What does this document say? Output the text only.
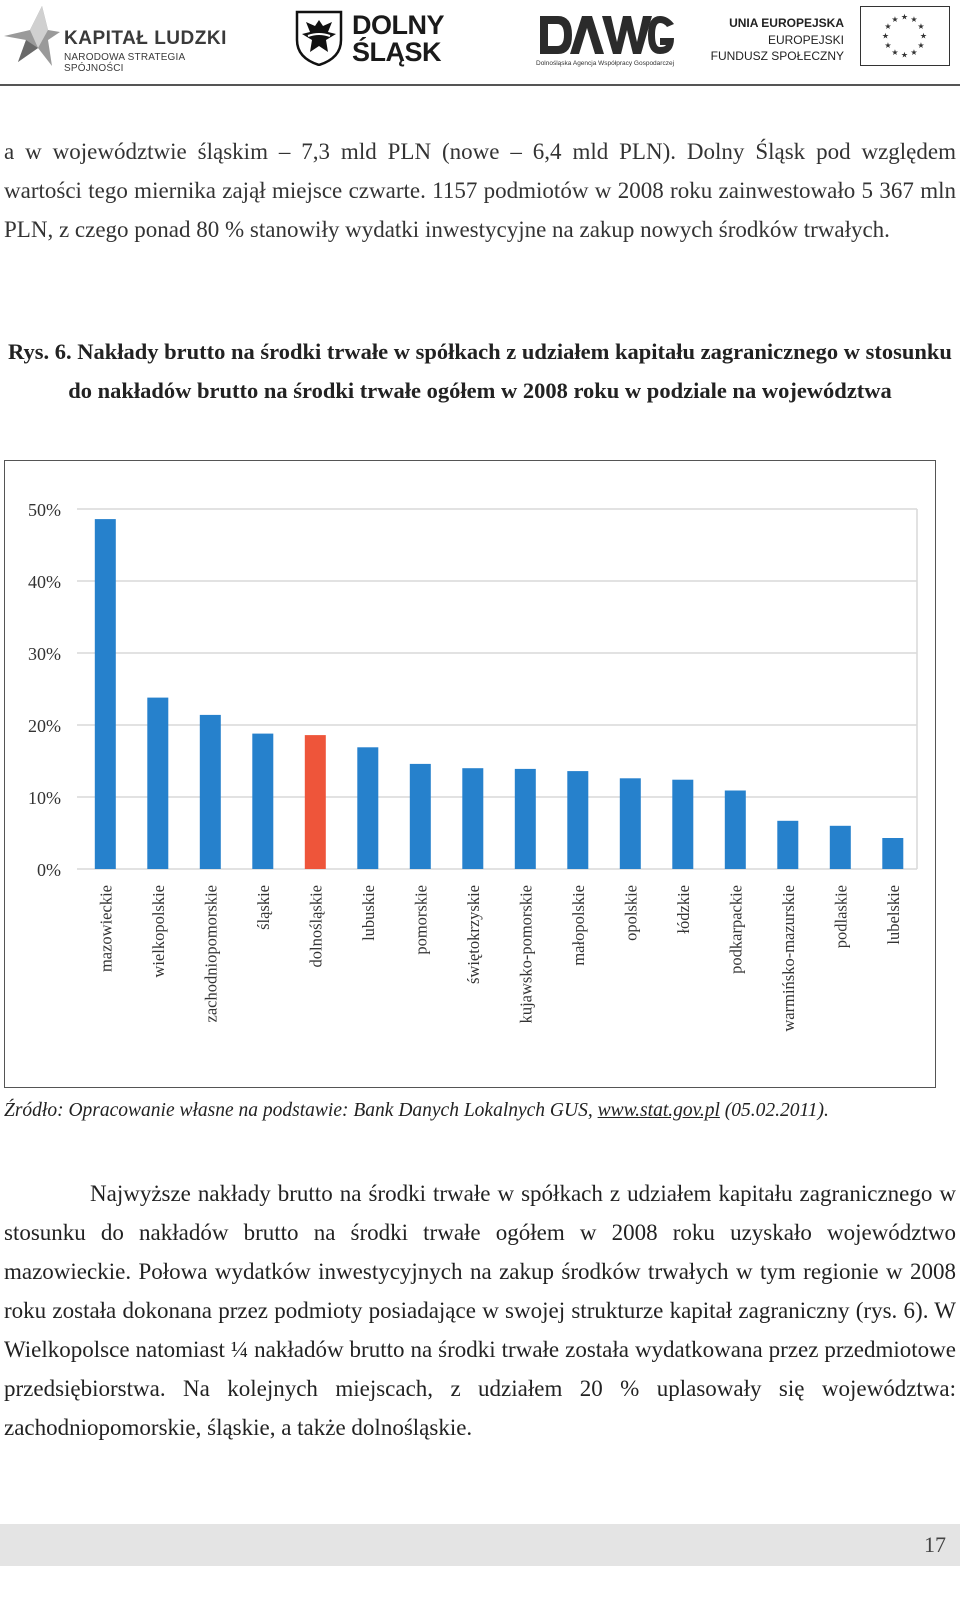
KAPITAŁ LUDZKI
NARODOWA STRATEGIA SPÓJNOŚCI
DOLNY
ŚLĄSK	Dolnośląska Agencja Współpracy Gospodarczej
UNIA EUROPEJSKA
EUROPEJSKI
FUNDUSZ SPOŁECZNY
★ ★
★
★
★
★
★
★
★
★
★
★

a w województwie śląskim – 7,3 mld PLN (nowe – 6,4 mld PLN). Dolny Śląsk pod względem wartości tego miernika zajął miejsce czwarte. 1157 podmiotów w 2008 roku zainwestowało 5 367 mln PLN, z czego ponad 80 % stanowiły wydatki inwestycyjne na zakup nowych środków trwałych.

Rys. 6. Nakłady brutto na środki trwałe w spółkach z udziałem kapitału zagranicznego w stosunku do nakładów brutto na środki trwałe ogółem w 2008 roku w podziale na województwa
50%
40%
30%
20%
10%
0%
mazowieckie wielkopolskie zachodniopomorskie śląskie dolnośląskie lubuskie pomorskie świętokrzyskie kujawsko-pomorskie małopolskie opolskie łódzkie podkarpackie warmińsko-mazurskie podlaskie lubelskie
Źródło: Opracowanie własne na podstawie: Bank Danych Lokalnych GUS, www.stat.gov.pl (05.02.2011).

Najwyższe nakłady brutto na środki trwałe w spółkach z udziałem kapitału zagranicznego w stosunku do nakładów brutto na środki trwałe ogółem w 2008 roku uzyskało województwo mazowieckie. Połowa wydatków inwestycyjnych na zakup środków trwałych w tym regionie w 2008 roku została dokonana przez podmioty posiadające w swojej strukturze kapitał zagraniczny (rys. 6). W Wielkopolsce natomiast ¼ nakładów brutto na środki trwałe została wydatkowana przez przedmiotowe przedsiębiorstwa. Na kolejnych miejscach, z udziałem 20 % uplasowały się województwa: zachodniopomorskie, śląskie, a także dolnośląskie.

17
